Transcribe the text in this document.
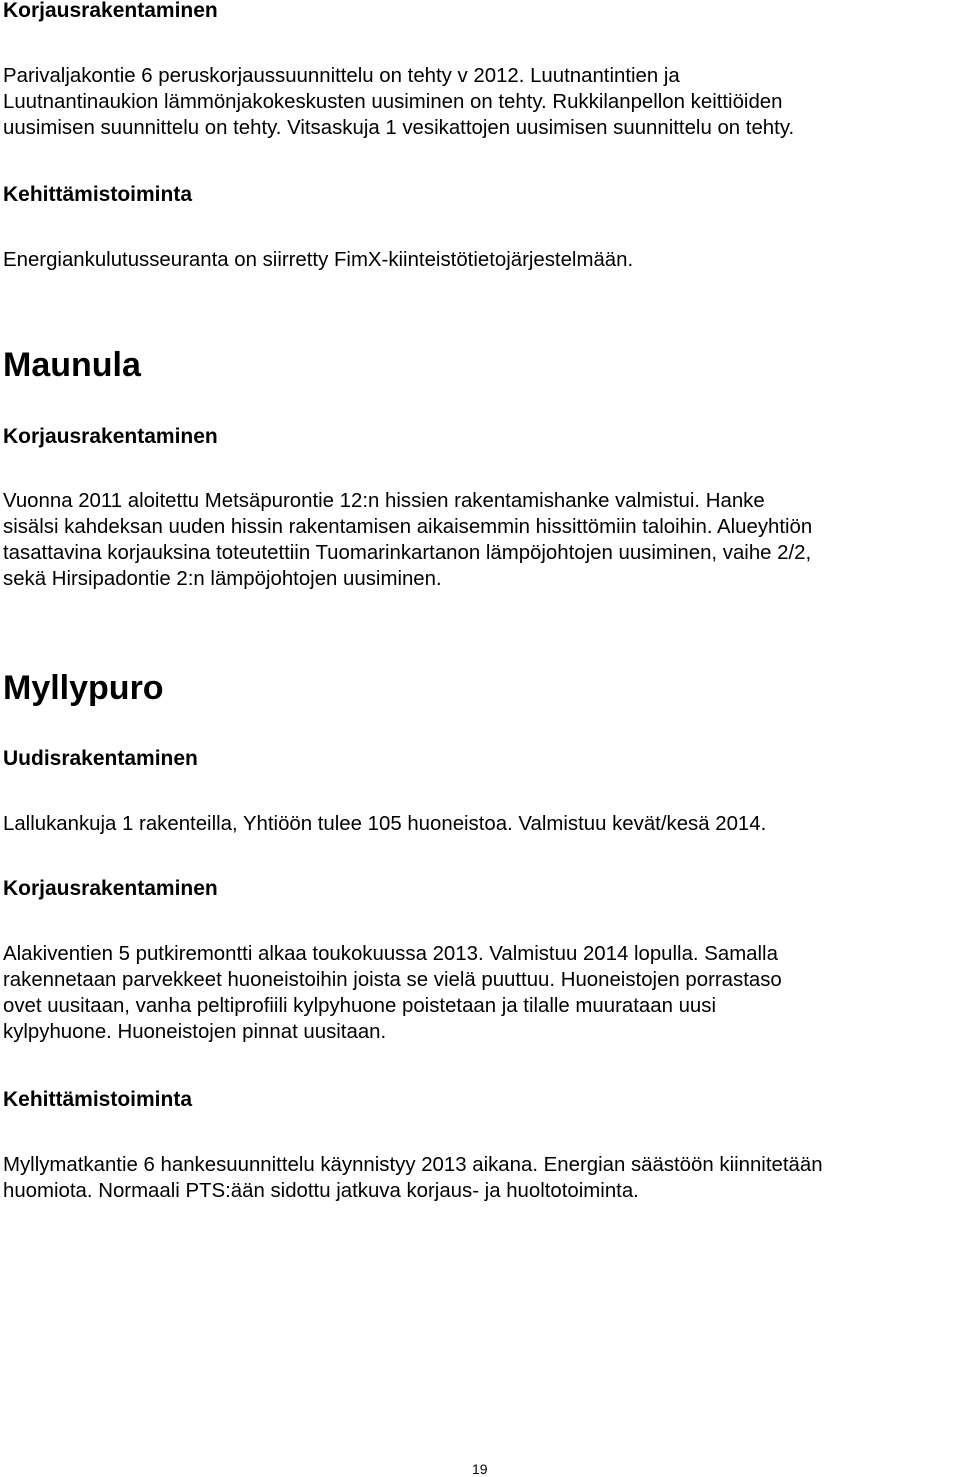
Korjausrakentaminen

Parivaljakontie 6 peruskorjaussuunnittelu on tehty v 2012. Luutnantintien ja
Luutnantinaukion lämmönjakokeskusten uusiminen on tehty. Rukkilanpellon keittiöiden
uusimisen suunnittelu on tehty. Vitsaskuja 1 vesikattojen uusimisen suunnittelu on tehty.

Kehittämistoiminta

Energiankulutusseuranta on siirretty FimX-kiinteistötietojärjestelmään.

Maunula
Korjausrakentaminen

Vuonna 2011 aloitettu Metsäpurontie 12:n hissien rakentamishanke valmistui. Hanke
sisälsi kahdeksan uuden hissin rakentamisen aikaisemmin hissittömiin taloihin. Alueyhtiön
tasattavina korjauksina toteutettiin Tuomarinkartanon lämpöjohtojen uusiminen, vaihe 2/2,
sekä Hirsipadontie 2:n lämpöjohtojen uusiminen.

Myllypuro
Uudisrakentaminen

Lallukankuja 1 rakenteilla, Yhtiöön tulee 105 huoneistoa. Valmistuu kevät/kesä 2014.

Korjausrakentaminen

Alakiventien 5 putkiremontti alkaa toukokuussa 2013. Valmistuu 2014 lopulla. Samalla
rakennetaan parvekkeet huoneistoihin joista se vielä puuttuu. Huoneistojen porrastaso
ovet uusitaan, vanha peltiprofiili kylpyhuone poistetaan ja tilalle muurataan uusi
kylpyhuone. Huoneistojen pinnat uusitaan.

Kehittämistoiminta

Myllymatkantie 6 hankesuunnittelu käynnistyy 2013 aikana. Energian säästöön kiinnitetään
huomiota. Normaali PTS:ään sidottu jatkuva korjaus- ja huoltotoiminta.

19
